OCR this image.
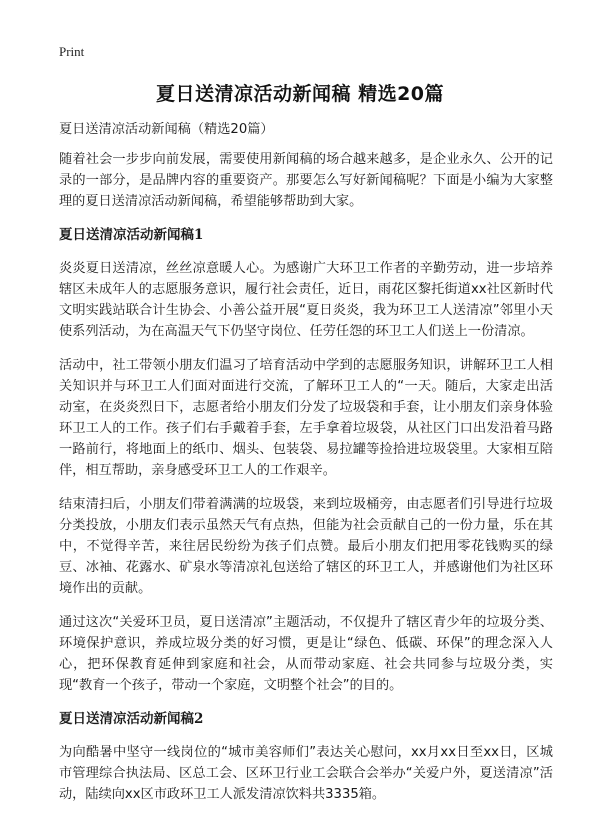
Print
夏日送清凉活动新闻稿 精选20篇
夏日送清凉活动新闻稿（精选20篇）

随着社会一步步向前发展，需要使用新闻稿的场合越来越多，是企业永久、公开的记录的一部分，是品牌内容的重要资产。那要怎么写好新闻稿呢？下面是小编为大家整理的夏日送清凉活动新闻稿，希望能够帮助到大家。

夏日送清凉活动新闻稿1

炎炎夏日送清凉，丝丝凉意暖人心。为感谢广大环卫工作者的辛勤劳动，进一步培养辖区未成年人的志愿服务意识，履行社会责任，近日，雨花区黎托街道xx社区新时代文明实践站联合计生协会、小善公益开展“夏日炎炎，我为环卫工人送清凉”邻里小天使系列活动，为在高温天气下仍坚守岗位、任劳任怨的环卫工人们送上一份清凉。

活动中，社工带领小朋友们温习了培育活动中学到的志愿服务知识，讲解环卫工人相关知识并与环卫工人们面对面进行交流，了解环卫工人的“一天。随后，大家走出活动室，在炎炎烈日下，志愿者给小朋友们分发了垃圾袋和手套，让小朋友们亲身体验环卫工人的工作。孩子们右手戴着手套，左手拿着垃圾袋，从社区门口出发沿着马路一路前行，将地面上的纸巾、烟头、包装袋、易拉罐等捡拾进垃圾袋里。大家相互陪伴，相互帮助，亲身感受环卫工人的工作艰辛。

结束清扫后，小朋友们带着满满的垃圾袋，来到垃圾桶旁，由志愿者们引导进行垃圾分类投放，小朋友们表示虽然天气有点热，但能为社会贡献自己的一份力量，乐在其中，不觉得辛苦，来往居民纷纷为孩子们点赞。最后小朋友们把用零花钱购买的绿豆、冰袖、花露水、矿泉水等清凉礼包送给了辖区的环卫工人，并感谢他们为社区环境作出的贡献。

通过这次“关爱环卫员，夏日送清凉”主题活动，不仅提升了辖区青少年的垃圾分类、环境保护意识，养成垃圾分类的好习惯，更是让“绿色、低碳、环保”的理念深入人心，把环保教育延伸到家庭和社会，从而带动家庭、社会共同参与垃圾分类，实现“教育一个孩子，带动一个家庭，文明整个社会”的目的。

夏日送清凉活动新闻稿2

为向酷暑中坚守一线岗位的“城市美容师们”表达关心慰问，xx月xx日至xx日，区城市管理综合执法局、区总工会、区环卫行业工会联合会举办“关爱户外，夏送清凉”活动，陆续向xx区市政环卫工人派发清凉饮料共3335箱。
